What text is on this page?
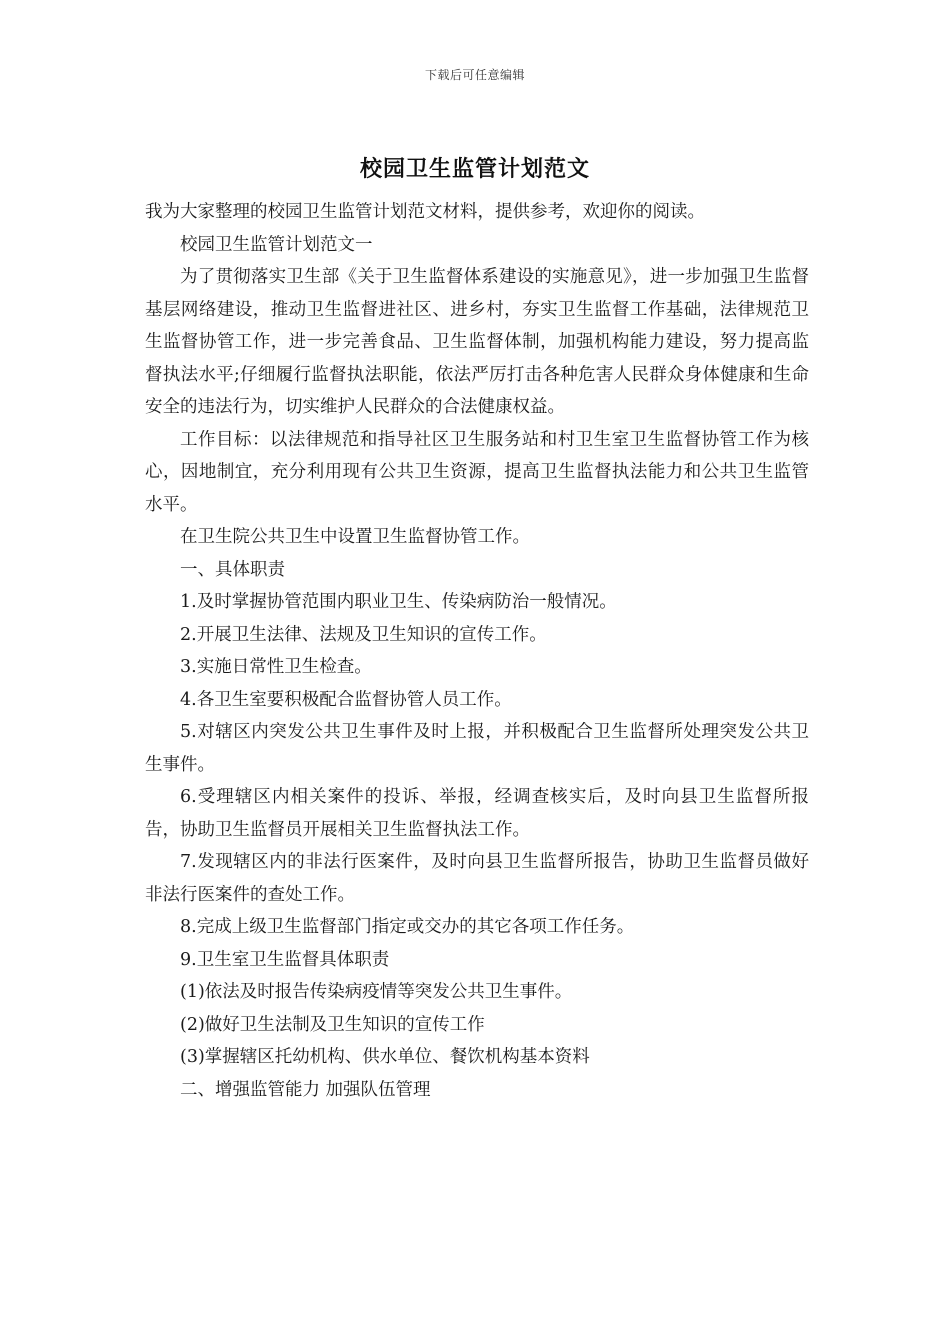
下载后可任意编辑
校园卫生监管计划范文

我为大家整理的校园卫生监管计划范文材料，提供参考，欢迎你的阅读。

校园卫生监管计划范文一

为了贯彻落实卫生部《关于卫生监督体系建设的实施意见》，进一步加强卫生监督基层网络建设，推动卫生监督进社区、进乡村，夯实卫生监督工作基础，法律规范卫生监督协管工作，进一步完善食品、卫生监督体制，加强机构能力建设，努力提高监督执法水平;仔细履行监督执法职能，依法严厉打击各种危害人民群众身体健康和生命安全的违法行为，切实维护人民群众的合法健康权益。

工作目标：以法律规范和指导社区卫生服务站和村卫生室卫生监督协管工作为核心，因地制宜，充分利用现有公共卫生资源，提高卫生监督执法能力和公共卫生监管水平。

在卫生院公共卫生中设置卫生监督协管工作。

一、具体职责

1.及时掌握协管范围内职业卫生、传染病防治一般情况。

2.开展卫生法律、法规及卫生知识的宣传工作。

3.实施日常性卫生检查。

4.各卫生室要积极配合监督协管人员工作。

5.对辖区内突发公共卫生事件及时上报，并积极配合卫生监督所处理突发公共卫生事件。

6.受理辖区内相关案件的投诉、举报，经调查核实后，及时向县卫生监督所报告，协助卫生监督员开展相关卫生监督执法工作。

7.发现辖区内的非法行医案件，及时向县卫生监督所报告，协助卫生监督员做好非法行医案件的查处工作。

8.完成上级卫生监督部门指定或交办的其它各项工作任务。

9.卫生室卫生监督具体职责

(1)依法及时报告传染病疫情等突发公共卫生事件。

(2)做好卫生法制及卫生知识的宣传工作

(3)掌握辖区托幼机构、供水单位、餐饮机构基本资料

二、增强监管能力 加强队伍管理
